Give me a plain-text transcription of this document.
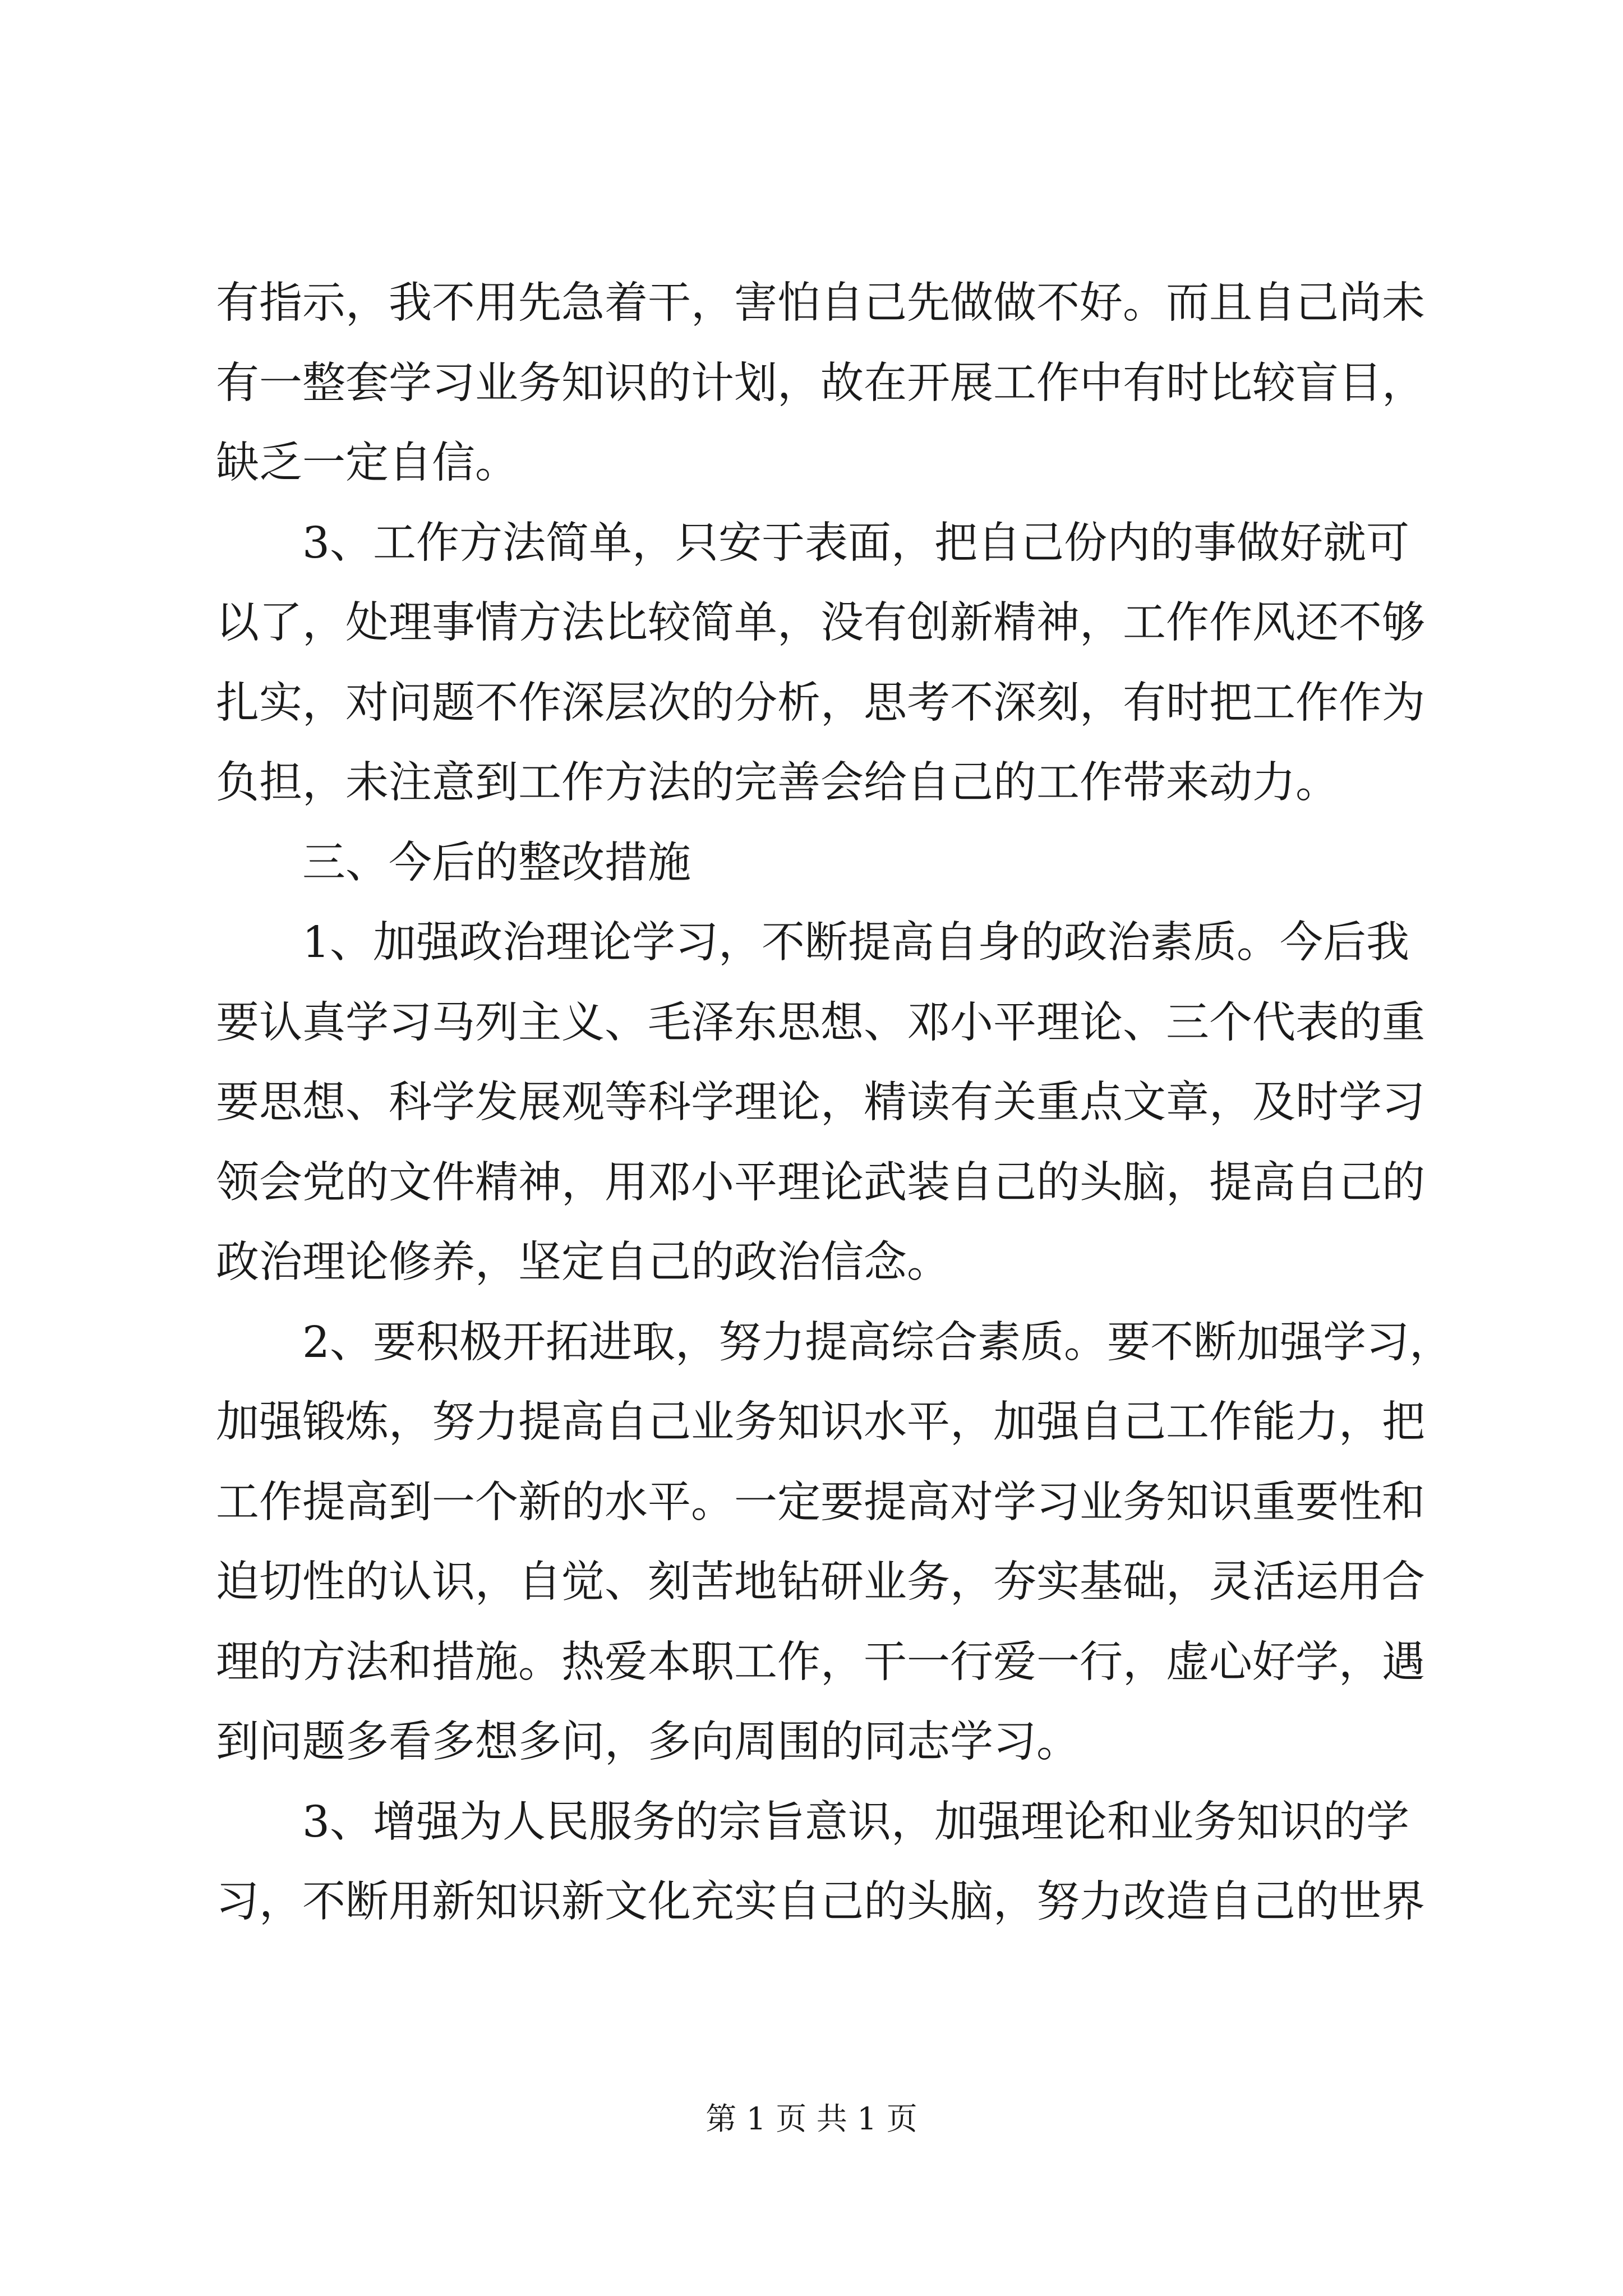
有指示，我不用先急着干，害怕自己先做做不好。而且自己尚未
有一整套学习业务知识的计划，故在开展工作中有时比较盲目，
缺乏一定自信。
　　3、工作方法简单，只安于表面，把自己份内的事做好就可
以了，处理事情方法比较简单，没有创新精神，工作作风还不够
扎实，对问题不作深层次的分析，思考不深刻，有时把工作作为
负担，未注意到工作方法的完善会给自己的工作带来动力。
　　三、今后的整改措施
　　1、加强政治理论学习，不断提高自身的政治素质。今后我
要认真学习马列主义、毛泽东思想、邓小平理论、三个代表的重
要思想、科学发展观等科学理论，精读有关重点文章，及时学习
领会党的文件精神，用邓小平理论武装自己的头脑，提高自己的
政治理论修养，坚定自己的政治信念。
　　2、要积极开拓进取，努力提高综合素质。要不断加强学习，
加强锻炼，努力提高自己业务知识水平，加强自己工作能力，把
工作提高到一个新的水平。一定要提高对学习业务知识重要性和
迫切性的认识，自觉、刻苦地钻研业务，夯实基础，灵活运用合
理的方法和措施。热爱本职工作，干一行爱一行，虚心好学，遇
到问题多看多想多问，多向周围的同志学习。
　　3、增强为人民服务的宗旨意识，加强理论和业务知识的学
习，不断用新知识新文化充实自己的头脑，努力改造自己的世界
第 1 页 共 1 页
